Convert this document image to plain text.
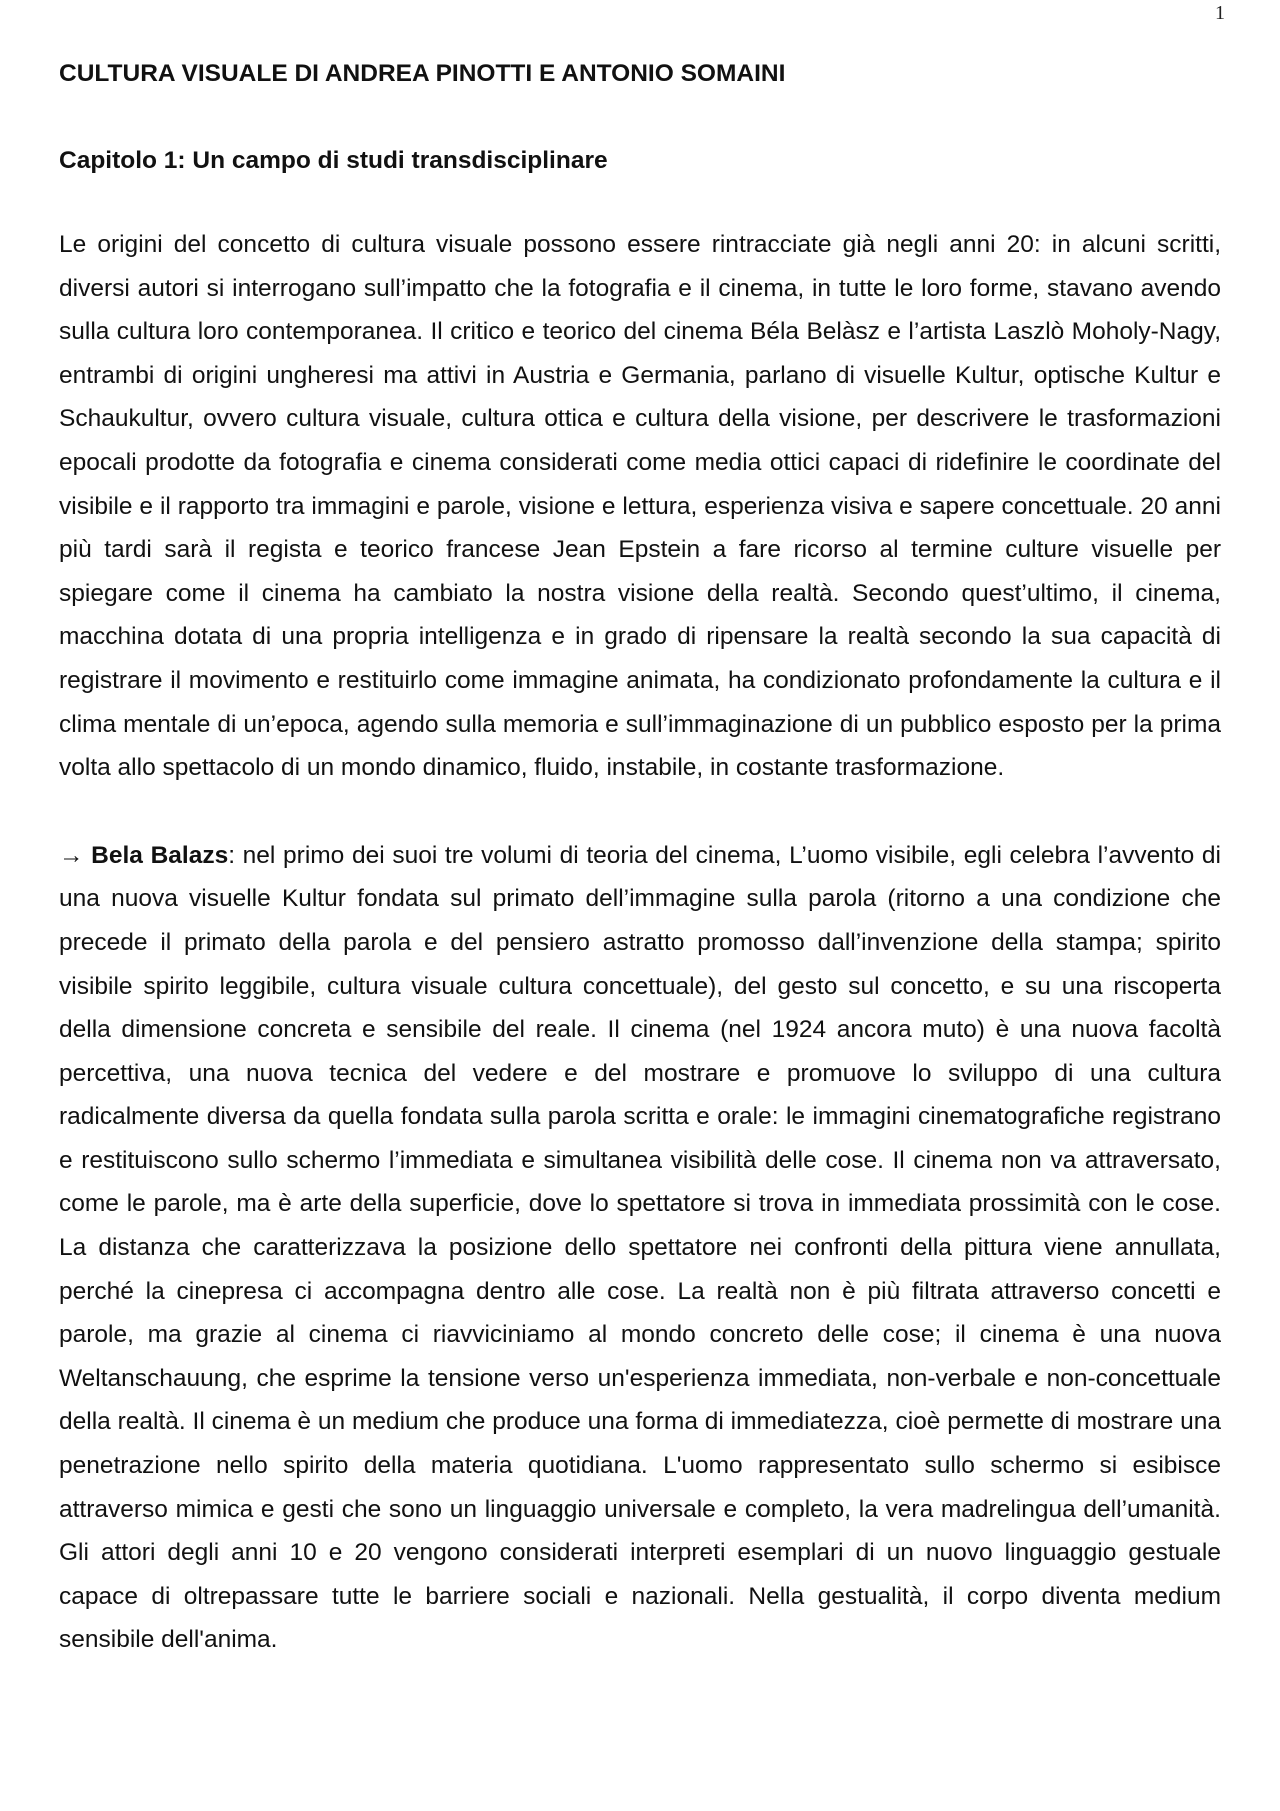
1
CULTURA VISUALE DI ANDREA PINOTTI E ANTONIO SOMAINI
Capitolo 1: Un campo di studi transdisciplinare

Le origini del concetto di cultura visuale possono essere rintracciate già negli anni 20: in alcuni scritti, diversi autori si interrogano sull’impatto che la fotografia e il cinema, in tutte le loro forme, stavano avendo sulla cultura loro contemporanea. Il critico e teorico del cinema Béla Belàsz e l’artista Laszlò Moholy-Nagy, entrambi di origini ungheresi ma attivi in Austria e Germania, parlano di visuelle Kultur, optische Kultur e Schaukultur, ovvero cultura visuale, cultura ottica e cultura della visione, per descrivere le trasformazioni epocali prodotte da fotografia e cinema considerati come media ottici capaci di ridefinire le coordinate del visibile e il rapporto tra immagini e parole, visione e lettura, esperienza visiva e sapere concettuale. 20 anni più tardi sarà il regista e teorico francese Jean Epstein a fare ricorso al termine culture visuelle per spiegare come il cinema ha cambiato la nostra visione della realtà. Secondo quest’ultimo, il cinema, macchina dotata di una propria intelligenza e in grado di ripensare la realtà secondo la sua capacità di registrare il movimento e restituirlo come immagine animata, ha condizionato profondamente la cultura e il clima mentale di un’epoca, agendo sulla memoria e sull’immaginazione di un pubblico esposto per la prima volta allo spettacolo di un mondo dinamico, fluido, instabile, in costante trasformazione.

→ Bela Balazs: nel primo dei suoi tre volumi di teoria del cinema, L’uomo visibile, egli celebra l’avvento di una nuova visuelle Kultur fondata sul primato dell’immagine sulla parola (ritorno a una condizione che precede il primato della parola e del pensiero astratto promosso dall’invenzione della stampa; spirito visibile spirito leggibile, cultura visuale cultura concettuale), del gesto sul concetto, e su una riscoperta della dimensione concreta e sensibile del reale. Il cinema (nel 1924 ancora muto) è una nuova facoltà percettiva, una nuova tecnica del vedere e del mostrare e promuove lo sviluppo di una cultura radicalmente diversa da quella fondata sulla parola scritta e orale: le immagini cinematografiche registrano e restituiscono sullo schermo l’immediata e simultanea visibilità delle cose. Il cinema non va attraversato, come le parole, ma è arte della superficie, dove lo spettatore si trova in immediata prossimità con le cose. La distanza che caratterizzava la posizione dello spettatore nei confronti della pittura viene annullata, perché la cinepresa ci accompagna dentro alle cose. La realtà non è più filtrata attraverso concetti e parole, ma grazie al cinema ci riavviciniamo al mondo concreto delle cose; il cinema è una nuova Weltanschauung, che esprime la tensione verso un'esperienza immediata, non-verbale e non-concettuale della realtà. Il cinema è un medium che produce una forma di immediatezza, cioè permette di mostrare una penetrazione nello spirito della materia quotidiana. L'uomo rappresentato sullo schermo si esibisce attraverso mimica e gesti che sono un linguaggio universale e completo, la vera madrelingua dell’umanità. Gli attori degli anni 10 e 20 vengono considerati interpreti esemplari di un nuovo linguaggio gestuale capace di oltrepassare tutte le barriere sociali e nazionali. Nella gestualità, il corpo diventa medium sensibile dell'anima.
